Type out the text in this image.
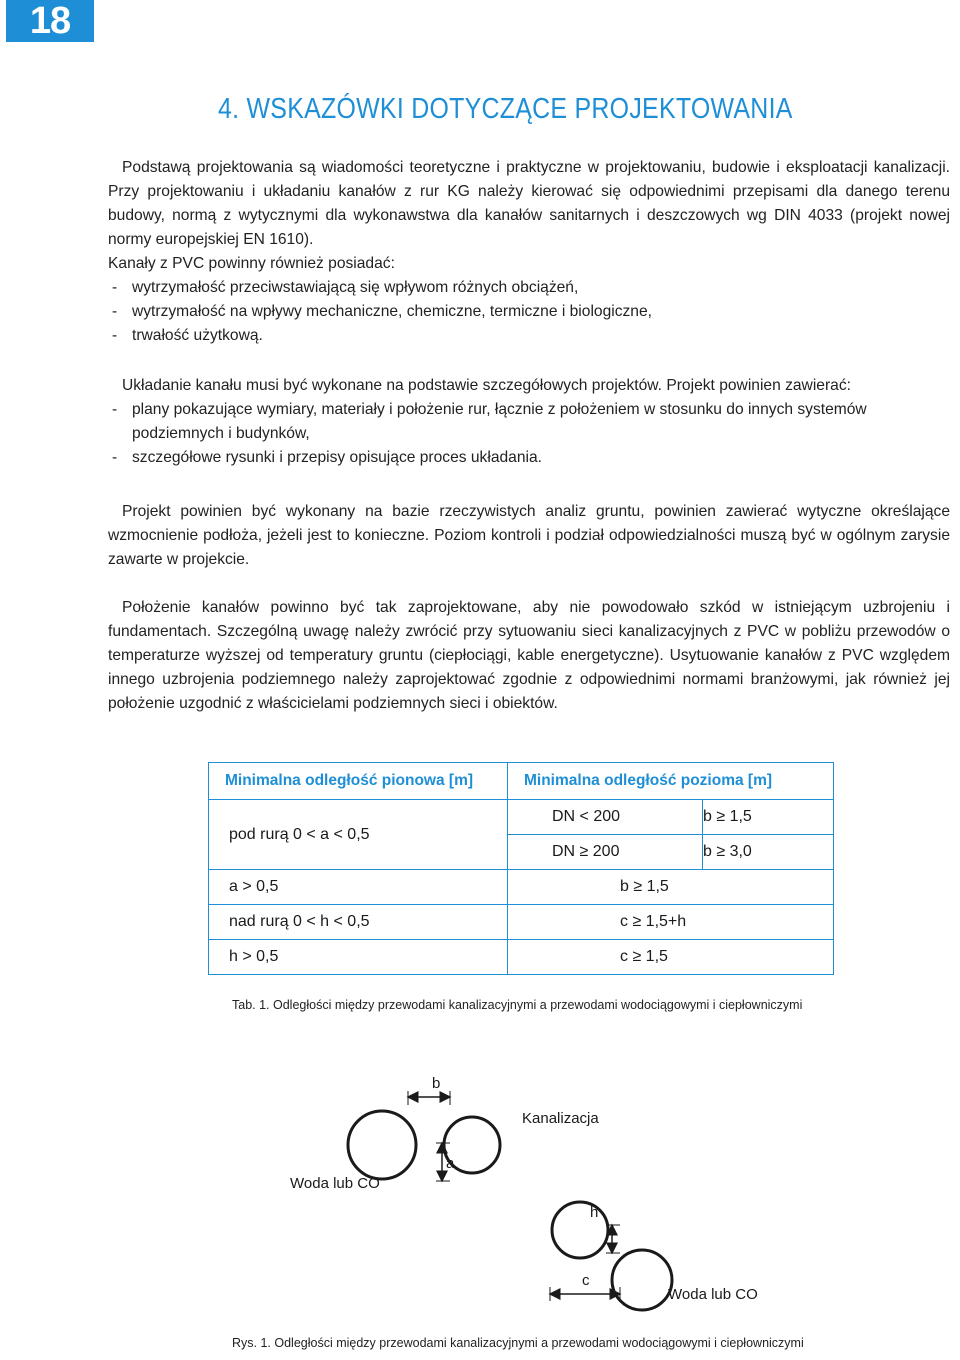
18
4. WSKAZÓWKI DOTYCZĄCE PROJEKTOWANIA

Podstawą projektowania są wiadomości teoretyczne i praktyczne w projektowaniu, budowie i eksploatacji kanalizacji. Przy projektowaniu i układaniu kanałów z rur KG należy kierować się odpowiednimi przepisami dla danego terenu budowy, normą z wytycznymi dla wykonawstwa dla kanałów sanitarnych i deszczowych wg DIN 4033 (projekt nowej normy europejskiej EN 1610).

Kanały z PVC powinny również posiadać:

- wytrzymałość przeciwstawiającą się wpływom różnych obciążeń,
- wytrzymałość na wpływy mechaniczne, chemiczne, termiczne i biologiczne,
- trwałość użytkową.

Układanie kanału musi być wykonane na podstawie szczegółowych projektów. Projekt powinien zawierać:

- plany pokazujące wymiary, materiały i położenie rur, łącznie z położeniem w stosunku do innych systemów podziemnych i budynków,
- szczegółowe rysunki i przepisy opisujące proces układania.

Projekt powinien być wykonany na bazie rzeczywistych analiz gruntu, powinien zawierać wytyczne określające wzmocnienie podłoża, jeżeli jest to konieczne. Poziom kontroli i podział odpowiedzialności muszą być w ogólnym zarysie zawarte w projekcie.

Położenie kanałów powinno być tak zaprojektowane, aby nie powodowało szkód w istniejącym uzbrojeniu i fundamentach. Szczególną uwagę należy zwrócić przy sytuowaniu sieci kanalizacyjnych z PVC w pobliżu przewodów o temperaturze wyższej od temperatury gruntu (ciepłociągi, kable energetyczne). Usytuowanie kanałów z PVC względem innego uzbrojenia podziemnego należy zaprojektować zgodnie z odpowiednimi normami branżowymi, jak również jej położenie uzgodnić z właścicielami podziemnych sieci i obiektów.

Minimalna odległość pionowa [m]	Minimalna odległość pozioma [m]	
pod rurą 0 < a < 0,5	DN < 200	b ≥ 1,5
	DN ≥ 200	b ≥ 3,0
a > 0,5	b ≥ 1,5	
nad rurą 0 < h < 0,5	c ≥ 1,5+h	
h > 0,5	c ≥ 1,5	
Tab. 1. Odległości między przewodami kanalizacyjnymi a przewodami wodociągowymi i ciepłowniczymi
b
Kanalizacja
a
Woda lub CO
h
c
Woda lub CO
Rys. 1. Odległości między przewodami kanalizacyjnymi a przewodami wodociągowymi i ciepłowniczymi
